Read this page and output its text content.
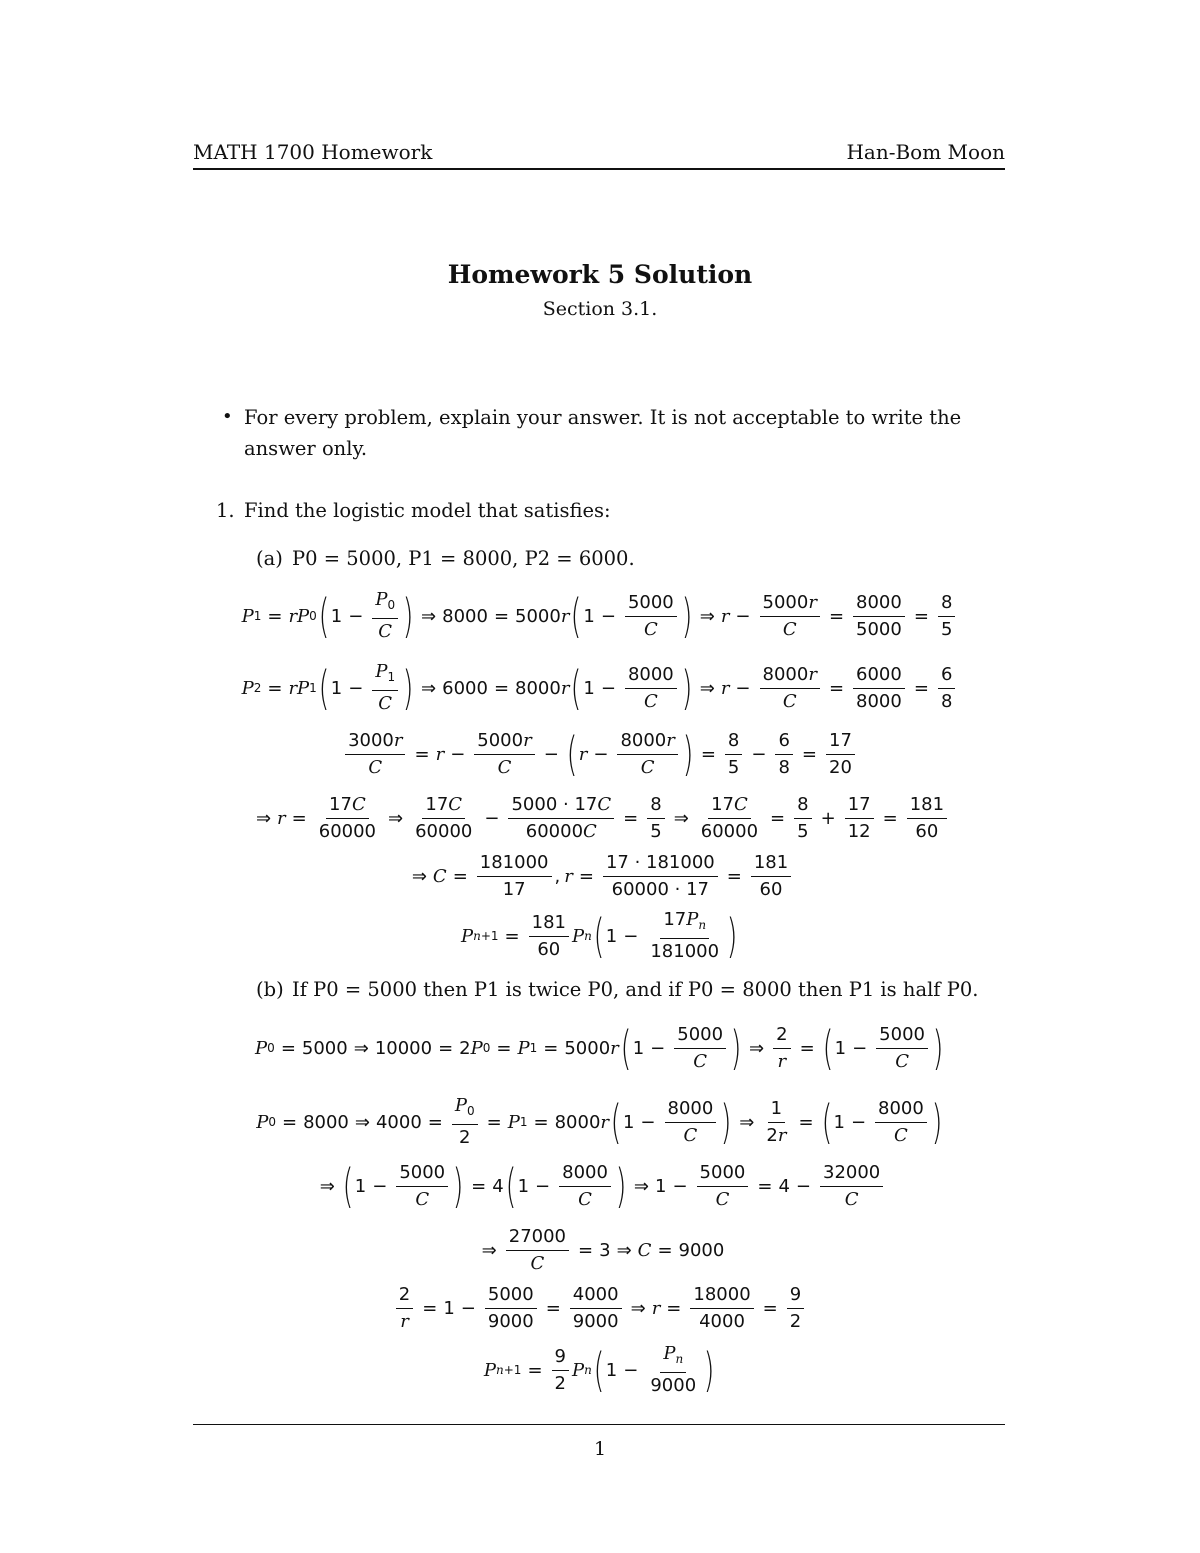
MATH 1700 Homework	Han-Bom Moon
Homework 5 Solution
Section 3.1.
• For every problem, explain your answer. It is not acceptable to write the answer only.
1. Find the logistic model that satisfies:
(a) P0 = 5000, P1 = 8000, P2 = 6000.
P 1 = rP 0 ( $1 - \frac{P_0}{C}$ ) ⇒ 8000 = 5000 r ( $1 - \frac{5000}{C}$ ) ⇒ $r - \frac{5000r}{C} = \frac{8000}{5000} = \frac{8}{5}$
P 2 = rP 1 ( $1 - \frac{P_1}{C}$ ) ⇒ 6000 = 8000 r ( $1 - \frac{8000}{C}$ ) ⇒ $r - \frac{8000r}{C} = \frac{6000}{8000} = \frac{6}{8}$
$\frac{3000r}{C} = r - \frac{5000r}{C}$ − ( $r - \frac{8000r}{C}$ ) = $\frac{8}{5} - \frac{6}{8} = \frac{17}{20}$
⇒ $r = \frac{17C}{60000}$ ⇒ $\frac{17C}{60000} - \frac{5000 \cdot 17C}{60000C} = \frac{8}{5}$ ⇒ $\frac{17C}{60000} = \frac{8}{5} + \frac{17}{12} = \frac{181}{60}$
⇒ $C = \frac{181000}{17}$ , $r = \frac{17 \cdot 181000}{60000 \cdot 17} = \frac{181}{60}$
P $n+1 = \frac{181}{60}$ P n ( $1 - \frac{17P_n}{181000}$ )
(b) If P0 = 5000 then P1 is twice P0, and if P0 = 8000 then P1 is half P0.
P 0 = 5000 ⇒ 10000 = 2 P 0 = P 1 = 5000 r ( $1 - \frac{5000}{C}$ ) ⇒ $\frac{2}{r}$ = ( $1 - \frac{5000}{C}$ )
P 0 = 8000 ⇒ $4000 = \frac{P_0}{2} = P$ 1 = 8000 r ( $1 - \frac{8000}{C}$ ) ⇒ $\frac{1}{2r}$ = ( $1 - \frac{8000}{C}$ )
⇒ ( $1 - \frac{5000}{C}$ ) = 4 ( $1 - \frac{8000}{C}$ ) ⇒ $1 - \frac{5000}{C} = 4 - \frac{32000}{C}$
⇒ $\frac{27000}{C} = 3$ ⇒ C = 9000
$\frac{2}{r} = 1 - \frac{5000}{9000} = \frac{4000}{9000}$ ⇒ $r = \frac{18000}{4000} = \frac{9}{2}$
P $n+1 = \frac{9}{2}$ P n ( $1 - \frac{P_n}{9000}$ )
1
